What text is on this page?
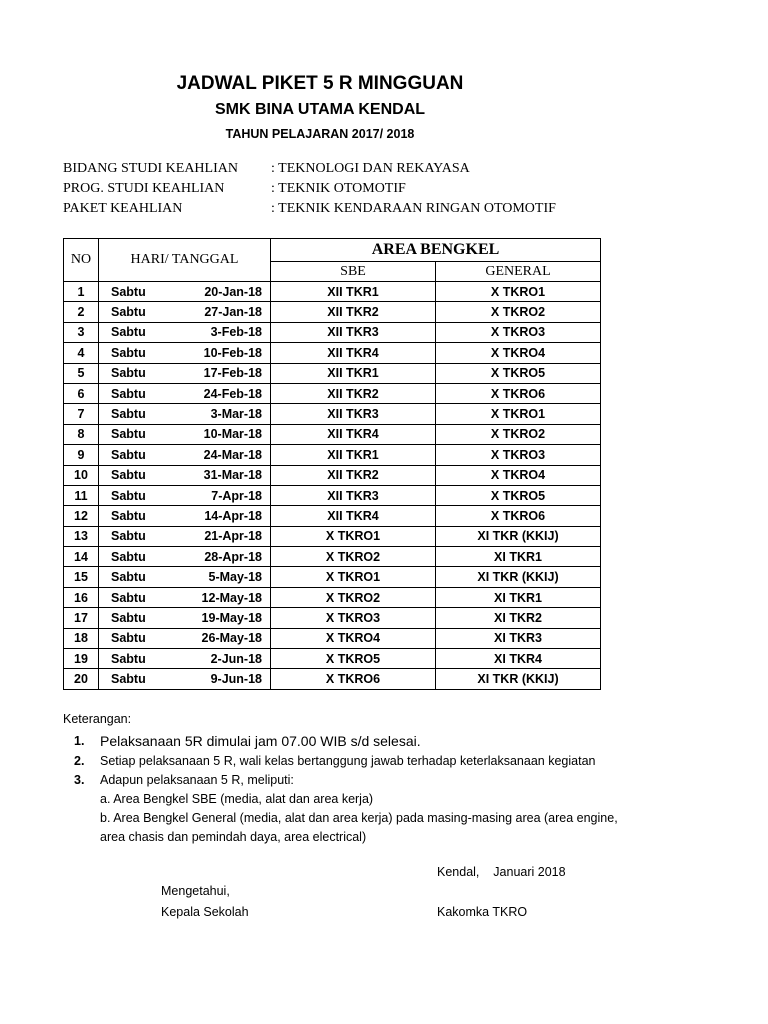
JADWAL PIKET 5 R MINGGUAN
SMK BINA UTAMA KENDAL
TAHUN PELAJARAN 2017/ 2018
BIDANG STUDI KEAHLIAN : TEKNOLOGI DAN REKAYASA
PROG. STUDI KEAHLIAN	: TEKNIK OTOMOTIF
PAKET KEAHLIAN	: TEKNIK KENDARAAN RINGAN OTOMOTIF
NO	HARI/ TANGGAL	AREA BENGKEL	
		SBE	GENERAL
1	Sabtu 20-Jan-18	XII TKR1	X TKRO1
2	Sabtu 27-Jan-18	XII TKR2	X TKRO2
3	Sabtu 3-Feb-18	XII TKR3	X TKRO3
4	Sabtu 10-Feb-18	XII TKR4	X TKRO4
5	Sabtu 17-Feb-18	XII TKR1	X TKRO5
6	Sabtu 24-Feb-18	XII TKR2	X TKRO6
7	Sabtu 3-Mar-18	XII TKR3	X TKRO1
8	Sabtu 10-Mar-18	XII TKR4	X TKRO2
9	Sabtu 24-Mar-18	XII TKR1	X TKRO3
10	Sabtu 31-Mar-18	XII TKR2	X TKRO4
11	Sabtu 7-Apr-18	XII TKR3	X TKRO5
12	Sabtu 14-Apr-18	XII TKR4	X TKRO6
13	Sabtu 21-Apr-18	X TKRO1	XI TKR (KKIJ)
14	Sabtu 28-Apr-18	X TKRO2	XI TKR1
15	Sabtu 5-May-18	X TKRO1	XI TKR (KKIJ)
16	Sabtu 12-May-18	X TKRO2	XI TKR1
17	Sabtu 19-May-18	X TKRO3	XI TKR2
18	Sabtu 26-May-18	X TKRO4	XI TKR3
19	Sabtu 2-Jun-18	X TKRO5	XI TKR4
20	Sabtu 9-Jun-18	X TKRO6	XI TKR (KKIJ)
Keterangan:
1. Pelaksanaan 5R dimulai jam 07.00 WIB s/d selesai.
2. Setiap pelaksanaan 5 R, wali kelas bertanggung jawab terhadap keterlaksanaan kegiatan
3. Adapun pelaksanaan 5 R, meliputi:
a. Area Bengkel SBE (media, alat dan area kerja)
b. Area Bengkel General (media, alat dan area kerja) pada masing-masing area (area engine,
area chasis dan pemindah daya, area electrical)
Kendal,    Januari 2018
Mengetahui,
Kepala Sekolah	Kakomka TKRO
